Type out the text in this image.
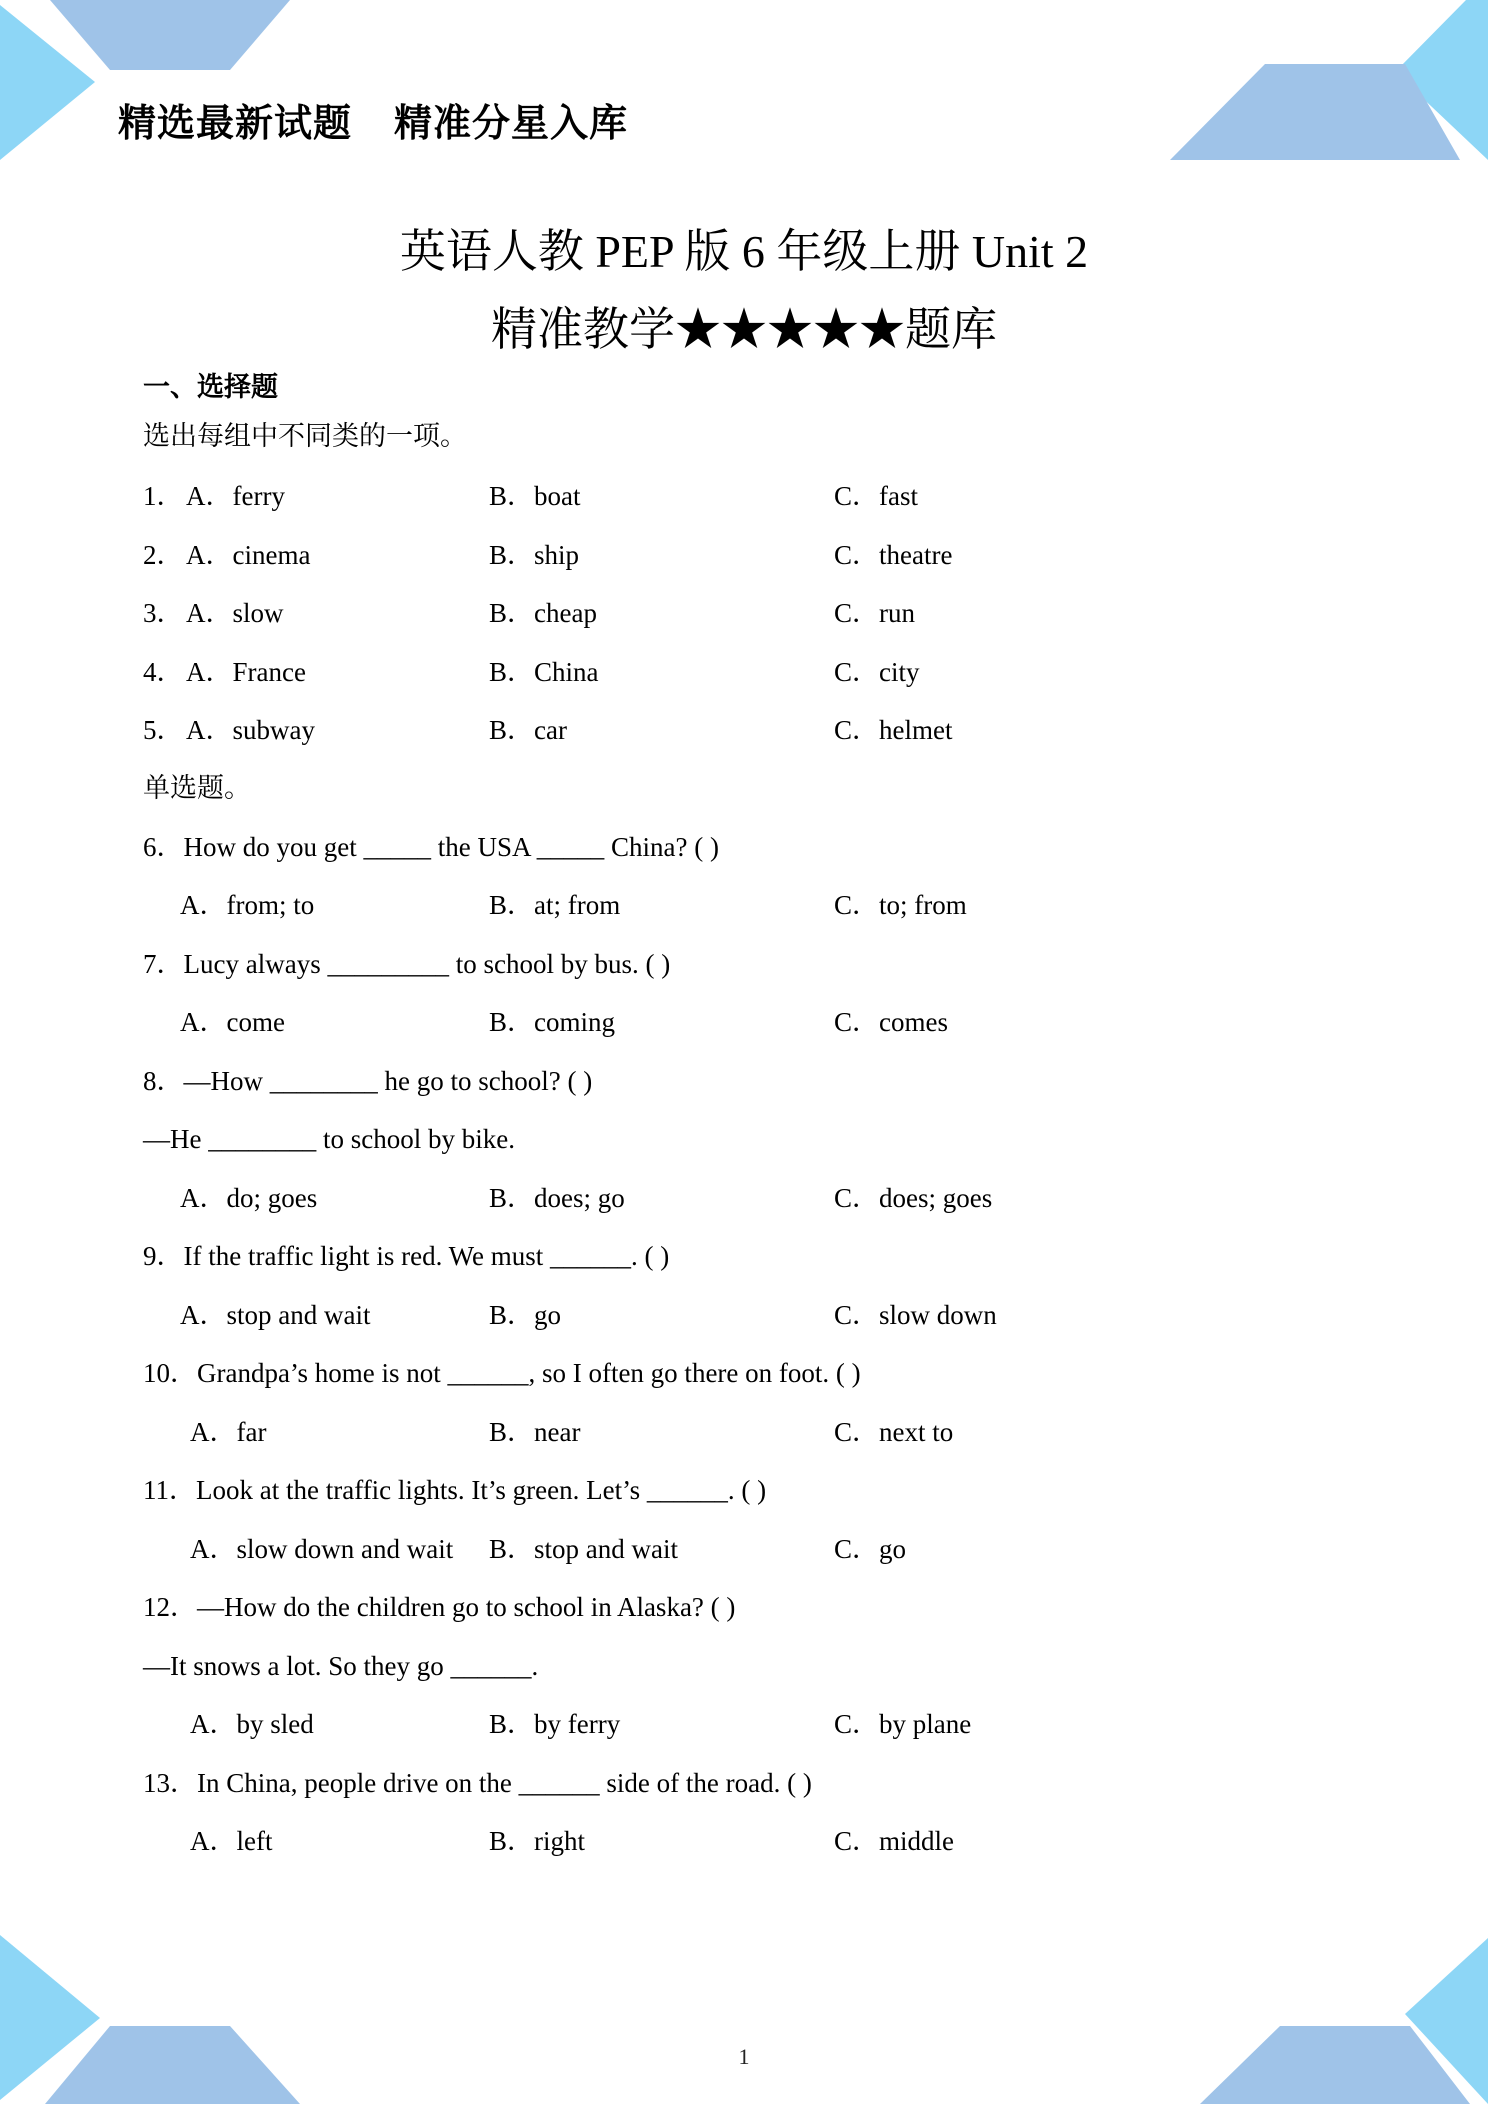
精选最新试题 精准分星入库
英语人教 PEP 版 6 年级上册 Unit 2
精准教学★★★★★题库
一、选择题
选出每组中不同类的一项。
1． A．ferry	B．boat	C．fast
2． A．cinema	B．ship	C．theatre
3． A．slow	B．cheap	C．run
4． A．France	B．China	C．city
5． A．subway	B．car	C．helmet
单选题。
6．How do you get _____ the USA _____ China? ( )
A．from; to	B．at; from	C．to; from
7．Lucy always _________ to school by bus. ( )
A．come	B．coming	C．comes
8．—How ________ he go to school? ( )
—He ________ to school by bike.
A．do; goes	B．does; go	C．does; goes
9．If the traffic light is red. We must ______. ( )
A．stop and wait	B．go	C．slow down
10．Grandpa’s home is not ______, so I often go there on foot. ( )
A．far	B．near	C．next to
11．Look at the traffic lights. It’s green. Let’s ______. ( )
A．slow down and wait B．stop and wait	C．go
12．—How do the children go to school in Alaska? ( )
—It snows a lot. So they go ______.
A．by sled	B．by ferry	C．by plane
13．In China, people drive on the ______ side of the road. ( )
A．left	B．right	C．middle
1
